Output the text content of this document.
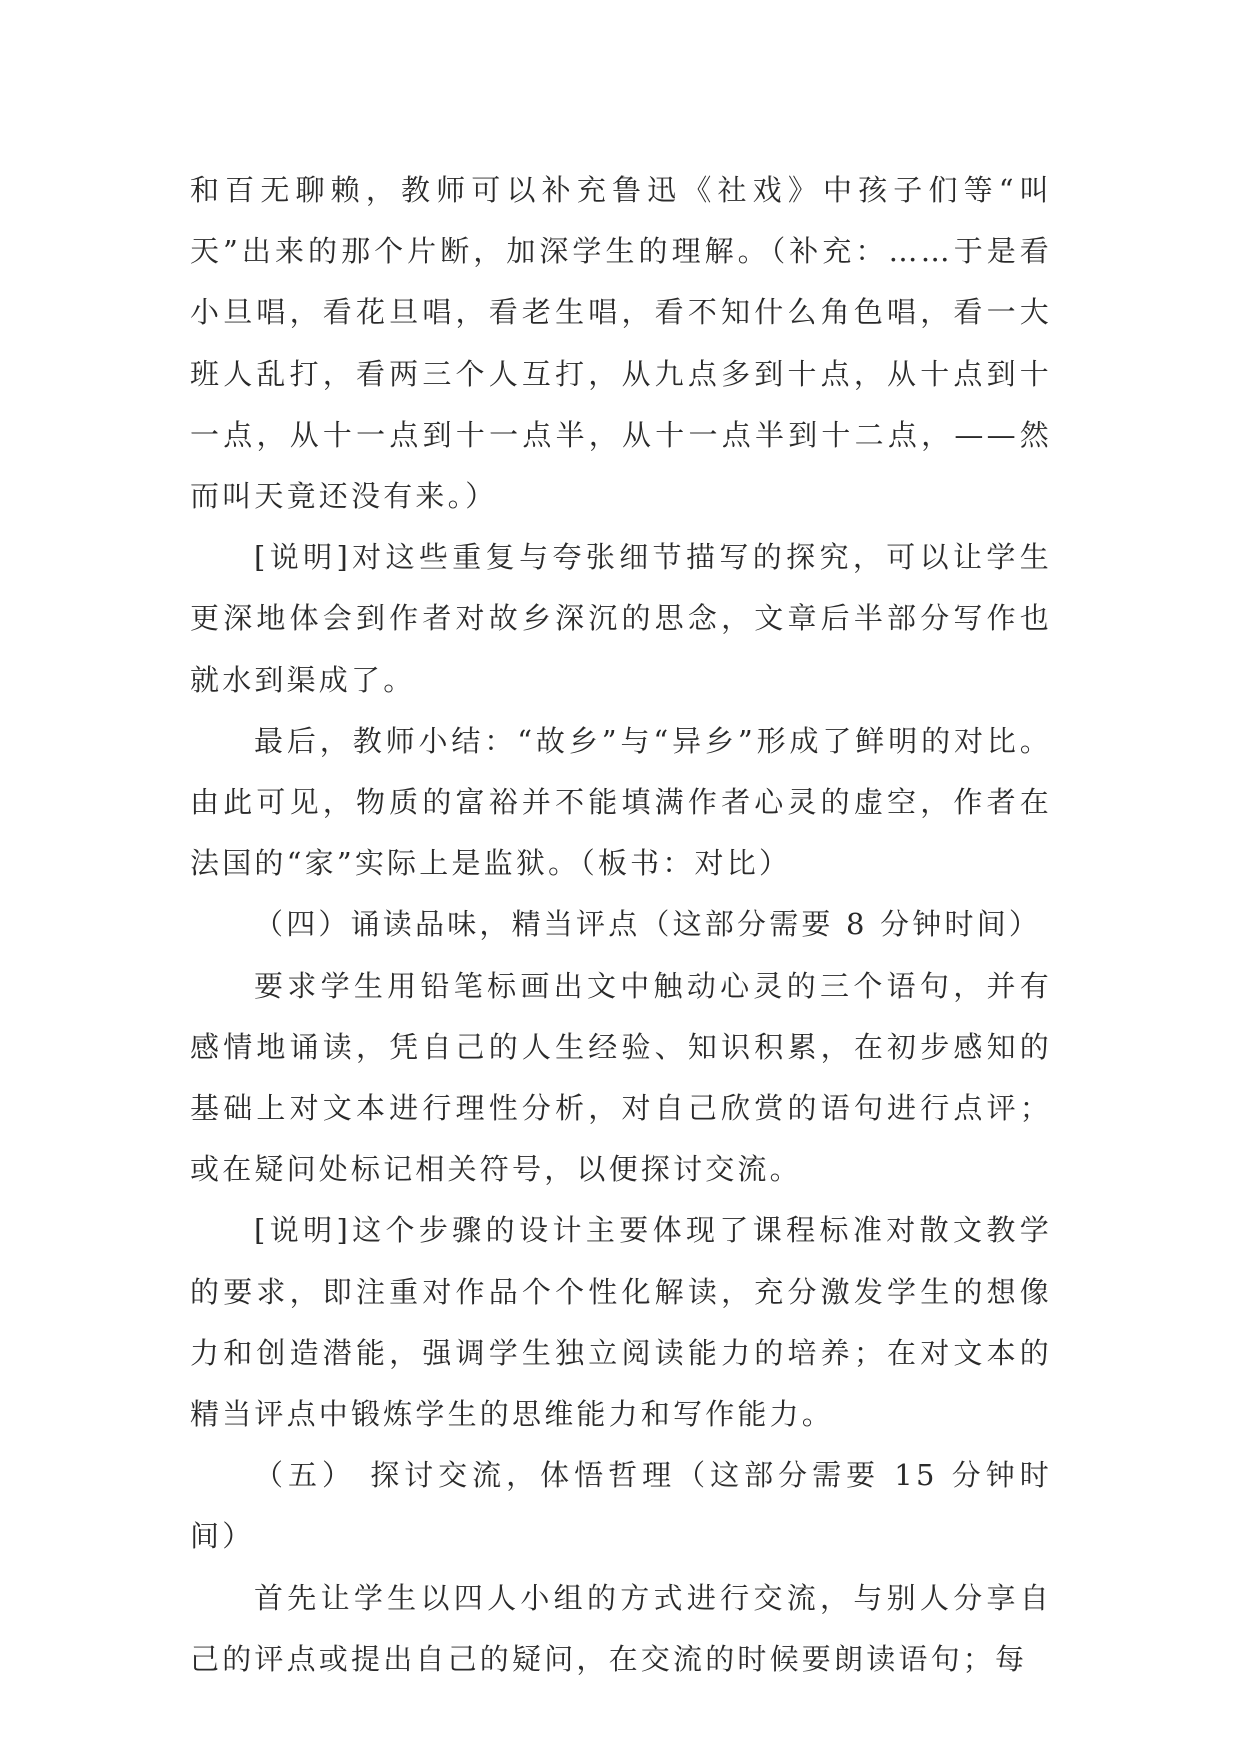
和百无聊赖，教师可以补充鲁迅《社戏》中孩子们等“叫天”出来的那个片断，加深学生的理解。（补充：……于是看小旦唱，看花旦唱，看老生唱，看不知什么角色唱，看一大班人乱打，看两三个人互打，从九点多到十点，从十点到十一点，从十一点到十一点半，从十一点半到十二点，——然而叫天竟还没有来。）

[说明]对这些重复与夸张细节描写的探究，可以让学生更深地体会到作者对故乡深沉的思念，文章后半部分写作也就水到渠成了。

最后，教师小结：“故乡”与“异乡”形成了鲜明的对比。由此可见，物质的富裕并不能填满作者心灵的虚空，作者在法国的“家”实际上是监狱。（板书：对比）

（四）诵读品味，精当评点（这部分需要 8 分钟时间）

要求学生用铅笔标画出文中触动心灵的三个语句，并有感情地诵读，凭自己的人生经验、知识积累，在初步感知的基础上对文本进行理性分析，对自己欣赏的语句进行点评；或在疑问处标记相关符号，以便探讨交流。

[说明]这个步骤的设计主要体现了课程标准对散文教学的要求，即注重对作品个个性化解读，充分激发学生的想像力和创造潜能，强调学生独立阅读能力的培养；在对文本的精当评点中锻炼学生的思维能力和写作能力。

（五） 探讨交流，体悟哲理（这部分需要 15 分钟时间）

首先让学生以四人小组的方式进行交流，与别人分享自己的评点或提出自己的疑问，在交流的时候要朗读语句；每
